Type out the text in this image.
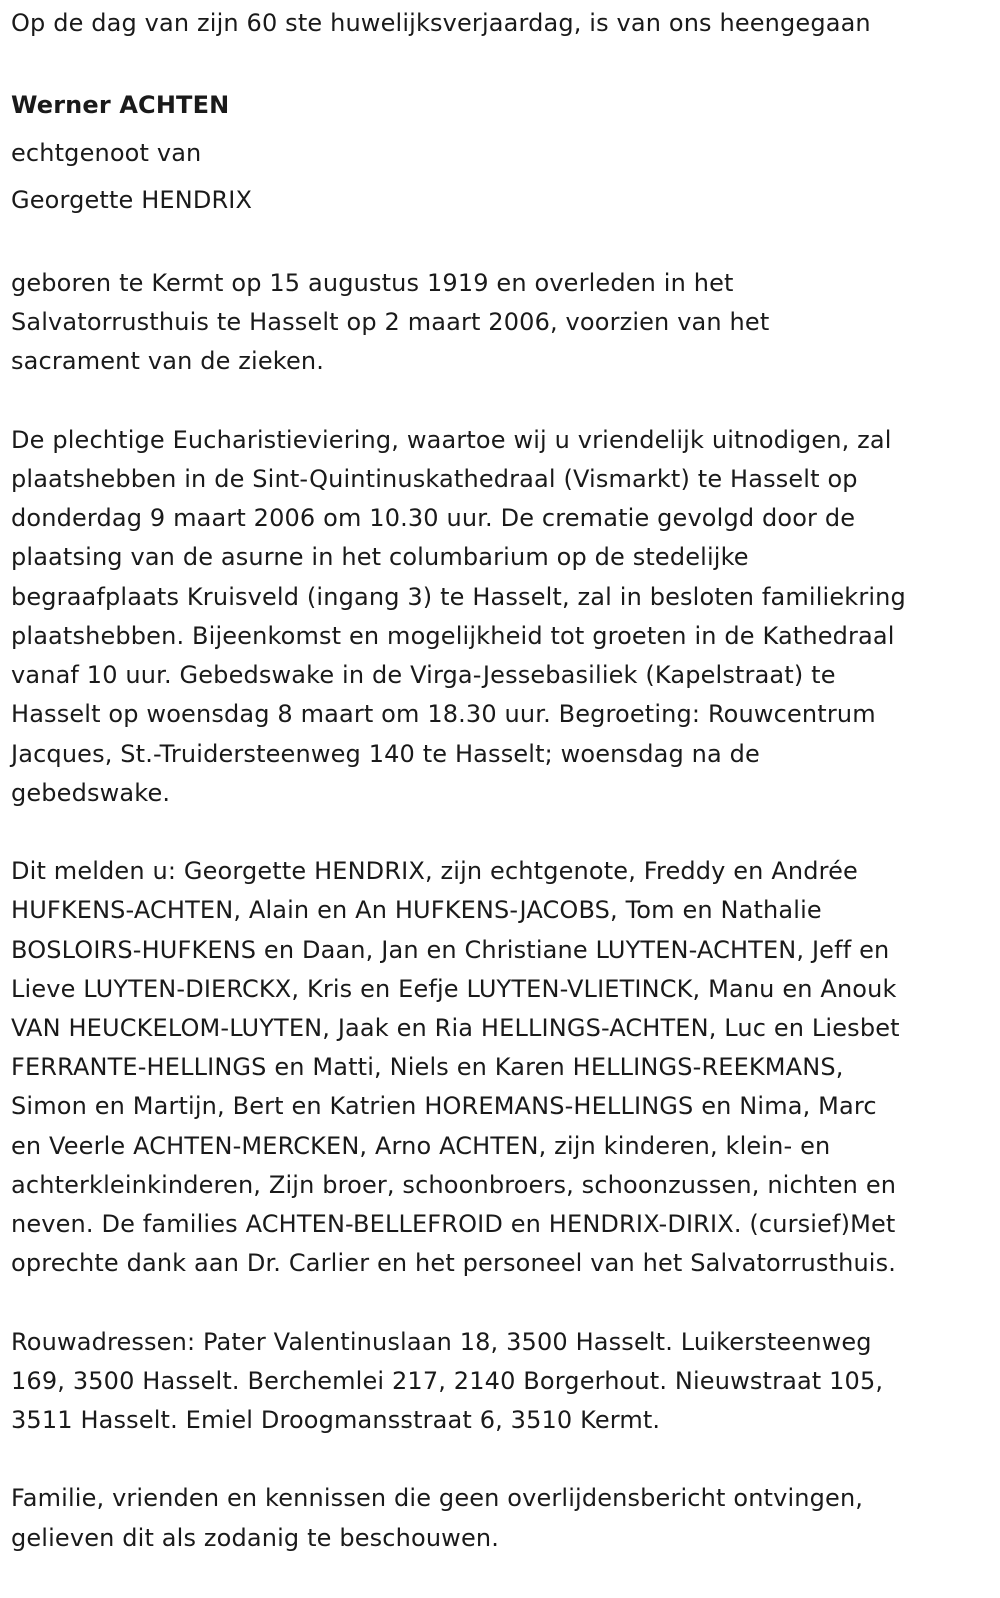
Op de dag van zijn 60 ste huwelijksverjaardag, is van ons heengegaan
Werner ACHTEN
echtgenoot van
Georgette HENDRIX
geboren te Kermt op 15 augustus 1919 en overleden in het
Salvatorrusthuis te Hasselt op 2 maart 2006, voorzien van het
sacrament van de zieken.
De plechtige Eucharistieviering, waartoe wij u vriendelijk uitnodigen, zal
plaatshebben in de Sint-Quintinuskathedraal (Vismarkt) te Hasselt op
donderdag 9 maart 2006 om 10.30 uur. De crematie gevolgd door de
plaatsing van de asurne in het columbarium op de stedelijke
begraafplaats Kruisveld (ingang 3) te Hasselt, zal in besloten familiekring
plaatshebben. Bijeenkomst en mogelijkheid tot groeten in de Kathedraal
vanaf 10 uur. Gebedswake in de Virga-Jessebasiliek (Kapelstraat) te
Hasselt op woensdag 8 maart om 18.30 uur. Begroeting: Rouwcentrum
Jacques, St.-Truidersteenweg 140 te Hasselt; woensdag na de
gebedswake.
Dit melden u: Georgette HENDRIX, zijn echtgenote, Freddy en Andrée
HUFKENS-ACHTEN, Alain en An HUFKENS-JACOBS, Tom en Nathalie
BOSLOIRS-HUFKENS en Daan, Jan en Christiane LUYTEN-ACHTEN, Jeff en
Lieve LUYTEN-DIERCKX, Kris en Eefje LUYTEN-VLIETINCK, Manu en Anouk
VAN HEUCKELOM-LUYTEN, Jaak en Ria HELLINGS-ACHTEN, Luc en Liesbet
FERRANTE-HELLINGS en Matti, Niels en Karen HELLINGS-REEKMANS,
Simon en Martijn, Bert en Katrien HOREMANS-HELLINGS en Nima, Marc
en Veerle ACHTEN-MERCKEN, Arno ACHTEN, zijn kinderen, klein- en
achterkleinkinderen, Zijn broer, schoonbroers, schoonzussen, nichten en
neven. De families ACHTEN-BELLEFROID en HENDRIX-DIRIX. (cursief)Met
oprechte dank aan Dr. Carlier en het personeel van het Salvatorrusthuis.
Rouwadressen: Pater Valentinuslaan 18, 3500 Hasselt. Luikersteenweg
169, 3500 Hasselt. Berchemlei 217, 2140 Borgerhout. Nieuwstraat 105,
3511 Hasselt. Emiel Droogmansstraat 6, 3510 Kermt.
Familie, vrienden en kennissen die geen overlijdensbericht ontvingen,
gelieven dit als zodanig te beschouwen.
